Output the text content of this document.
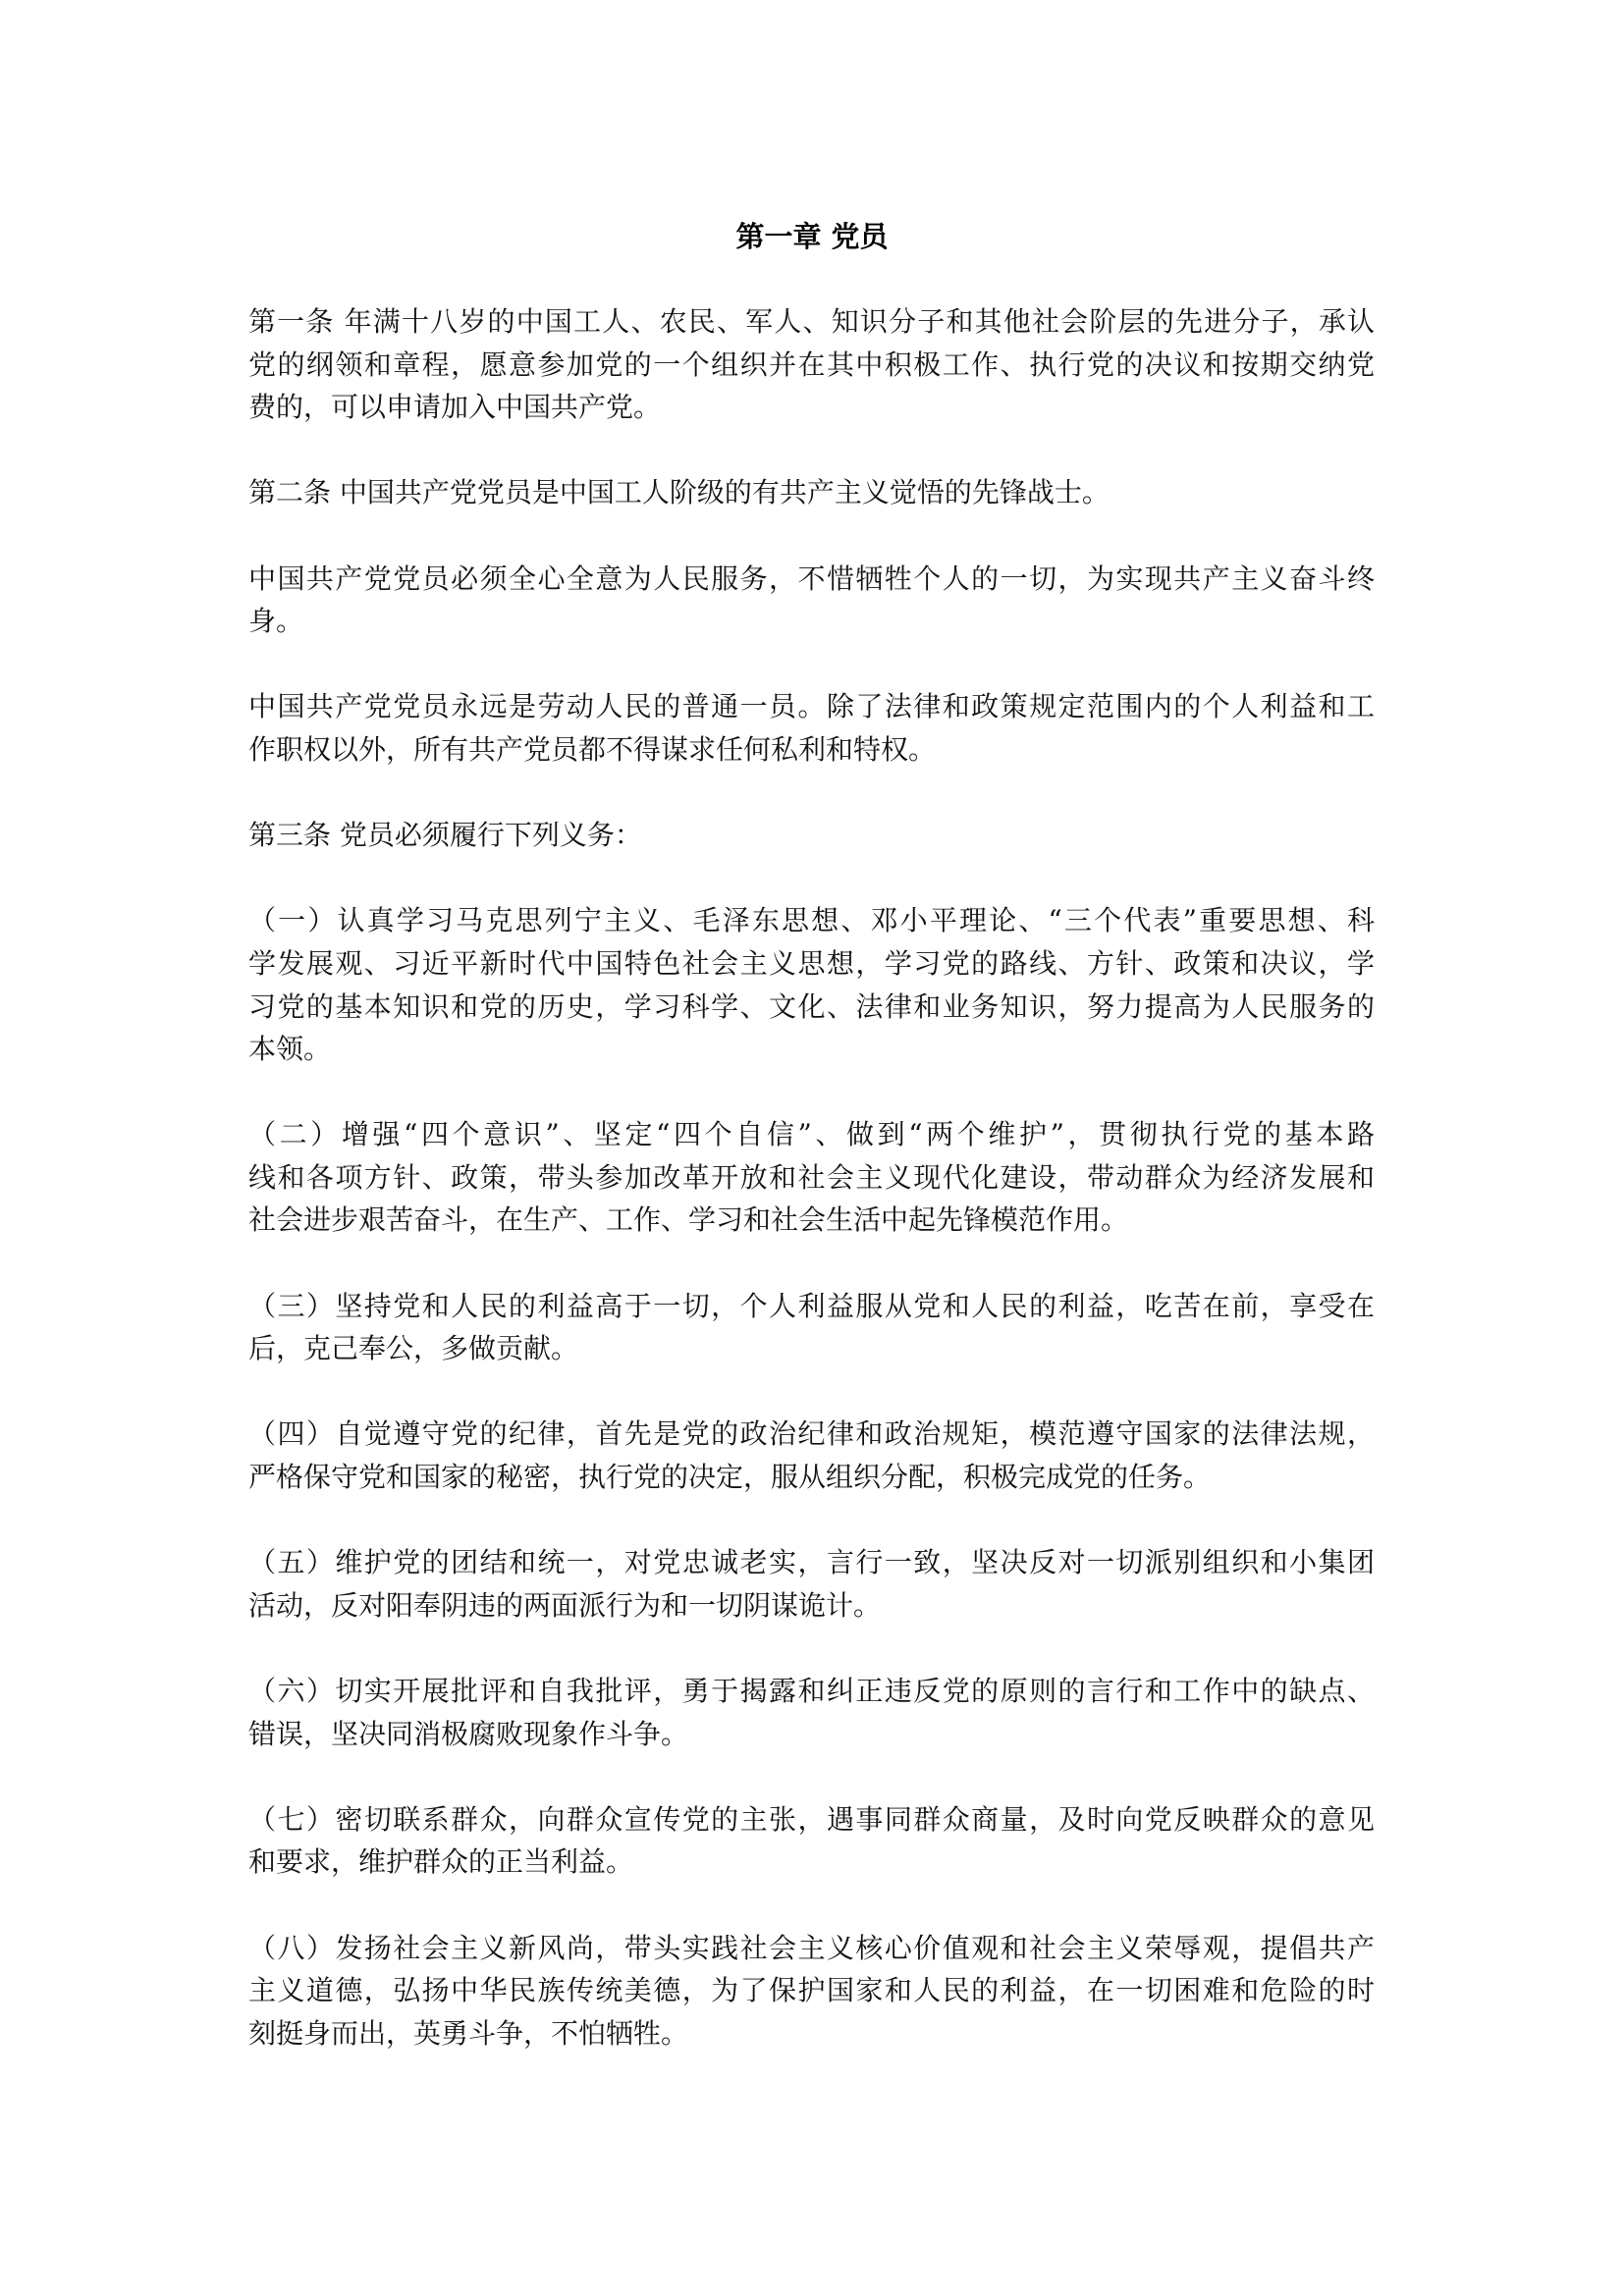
第一章 党员
第一条 年满十八岁的中国工人、农民、军人、知识分子和其他社会阶层的先进分子，承认
党的纲领和章程，愿意参加党的一个组织并在其中积极工作、执行党的决议和按期交纳党
费的，可以申请加入中国共产党。
第二条 中国共产党党员是中国工人阶级的有共产主义觉悟的先锋战士。
中国共产党党员必须全心全意为人民服务，不惜牺牲个人的一切，为实现共产主义奋斗终
身。
中国共产党党员永远是劳动人民的普通一员。除了法律和政策规定范围内的个人利益和工
作职权以外，所有共产党员都不得谋求任何私利和特权。
第三条 党员必须履行下列义务：
（一）认真学习马克思列宁主义、毛泽东思想、邓小平理论、“三个代表”重要思想、科
学发展观、习近平新时代中国特色社会主义思想，学习党的路线、方针、政策和决议，学
习党的基本知识和党的历史，学习科学、文化、法律和业务知识，努力提高为人民服务的
本领。
（二）增强“四个意识”、坚定“四个自信”、做到“两个维护”，贯彻执行党的基本路
线和各项方针、政策，带头参加改革开放和社会主义现代化建设，带动群众为经济发展和
社会进步艰苦奋斗，在生产、工作、学习和社会生活中起先锋模范作用。
（三）坚持党和人民的利益高于一切，个人利益服从党和人民的利益，吃苦在前，享受在
后，克己奉公，多做贡献。
（四）自觉遵守党的纪律，首先是党的政治纪律和政治规矩，模范遵守国家的法律法规，
严格保守党和国家的秘密，执行党的决定，服从组织分配，积极完成党的任务。
（五）维护党的团结和统一，对党忠诚老实，言行一致，坚决反对一切派别组织和小集团
活动，反对阳奉阴违的两面派行为和一切阴谋诡计。
（六）切实开展批评和自我批评，勇于揭露和纠正违反党的原则的言行和工作中的缺点、
错误，坚决同消极腐败现象作斗争。
（七）密切联系群众，向群众宣传党的主张，遇事同群众商量，及时向党反映群众的意见
和要求，维护群众的正当利益。
（八）发扬社会主义新风尚，带头实践社会主义核心价值观和社会主义荣辱观，提倡共产
主义道德，弘扬中华民族传统美德，为了保护国家和人民的利益，在一切困难和危险的时
刻挺身而出，英勇斗争，不怕牺牲。
